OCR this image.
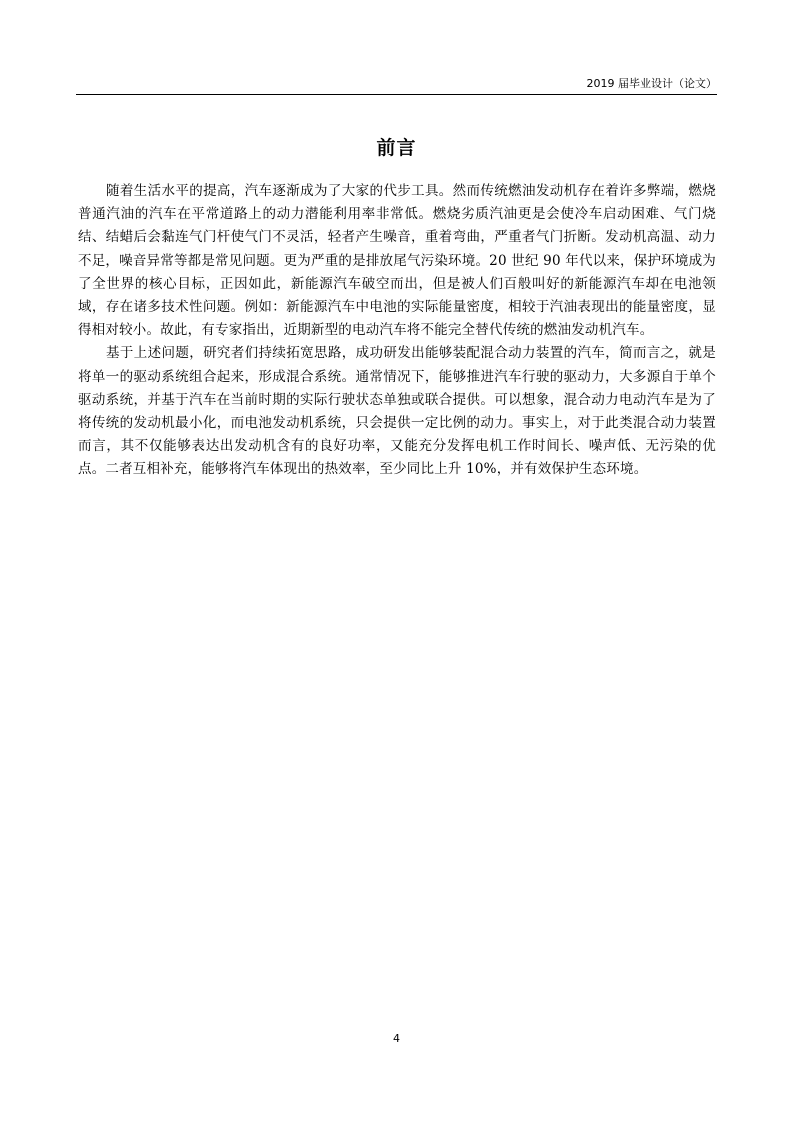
2019 届毕业设计（论文）
前言

随着生活水平的提高，汽车逐渐成为了大家的代步工具。然而传统燃油发动机存在着许多弊端，燃烧普通汽油的汽车在平常道路上的动力潜能利用率非常低。燃烧劣质汽油更是会使冷车启动困难、气门烧结、结蜡后会黏连气门杆使气门不灵活，轻者产生噪音，重着弯曲，严重者气门折断。发动机高温、动力不足，噪音异常等都是常见问题。更为严重的是排放尾气污染环境。20 世纪 90 年代以来，保护环境成为了全世界的核心目标，正因如此，新能源汽车破空而出，但是被人们百般叫好的新能源汽车却在电池领域，存在诸多技术性问题。例如：新能源汽车中电池的实际能量密度，相较于汽油表现出的能量密度，显得相对较小。故此，有专家指出，近期新型的电动汽车将不能完全替代传统的燃油发动机汽车。

基于上述问题，研究者们持续拓宽思路，成功研发出能够装配混合动力装置的汽车，简而言之，就是将单一的驱动系统组合起来，形成混合系统。通常情况下，能够推进汽车行驶的驱动力，大多源自于单个驱动系统，并基于汽车在当前时期的实际行驶状态单独或联合提供。可以想象，混合动力电动汽车是为了将传统的发动机最小化，而电池发动机系统，只会提供一定比例的动力。事实上，对于此类混合动力装置而言，其不仅能够表达出发动机含有的良好功率，又能充分发挥电机工作时间长、噪声低、无污染的优点。二者互相补充，能够将汽车体现出的热效率，至少同比上升 10%，并有效保护生态环境。

4
